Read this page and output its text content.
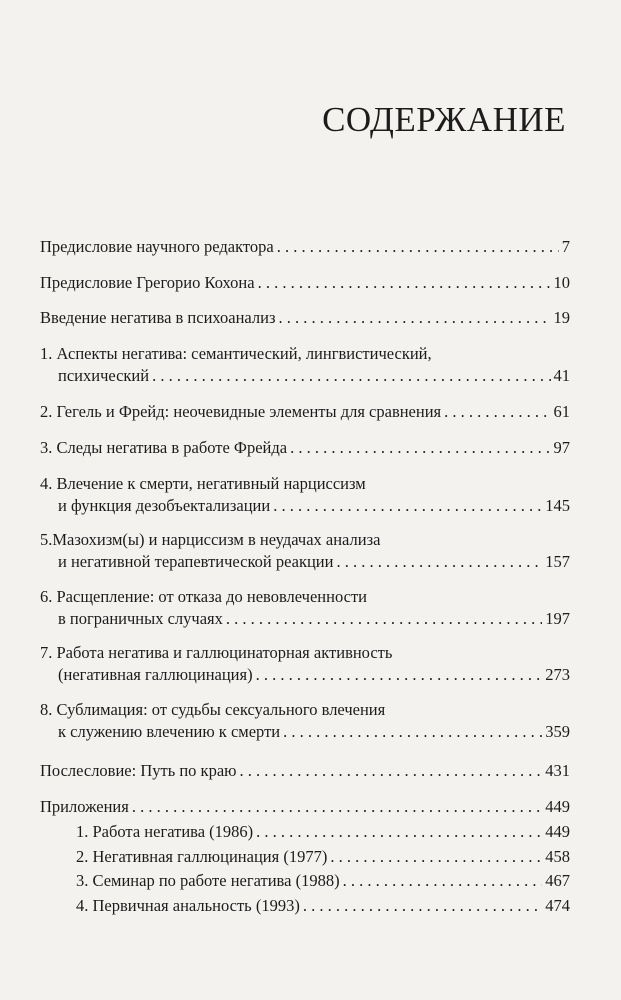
СОДЕРЖАНИЕ
Предисловие научного редактора . . .	7
Предисловие Грегорио Кохона . . .	10
Введение негатива в психоанализ . . .	19
1. Аспекты негатива: семантический, лингвистический,
психический . . .	41
2. Гегель и Фрейд: неочевидные элементы для сравнения . . .	61
3. Следы негатива в работе Фрейда . . .	97
4. Влечение к смерти, негативный нарциссизм
и функция дезобъектализации . . .	145
5.Мазохизм(ы) и нарциссизм в неудачах анализа
и негативной терапевтической реакции . . .	157
6. Расщепление: от отказа до невовлеченности
в пограничных случаях . . .	197
7. Работа негатива и галлюцинаторная активность
(негативная галлюцинация) . . .	273
8. Сублимация: от судьбы сексуального влечения
к служению влечению к смерти . . .	359
Послесловие: Путь по краю . . .	431
Приложения . . .	449
1. Работа негатива (1986) . . .	449
2. Негативная галлюцинация (1977) . . .	458
3. Семинар по работе негатива (1988) . . .	467
4. Первичная анальность (1993) . . .	474
